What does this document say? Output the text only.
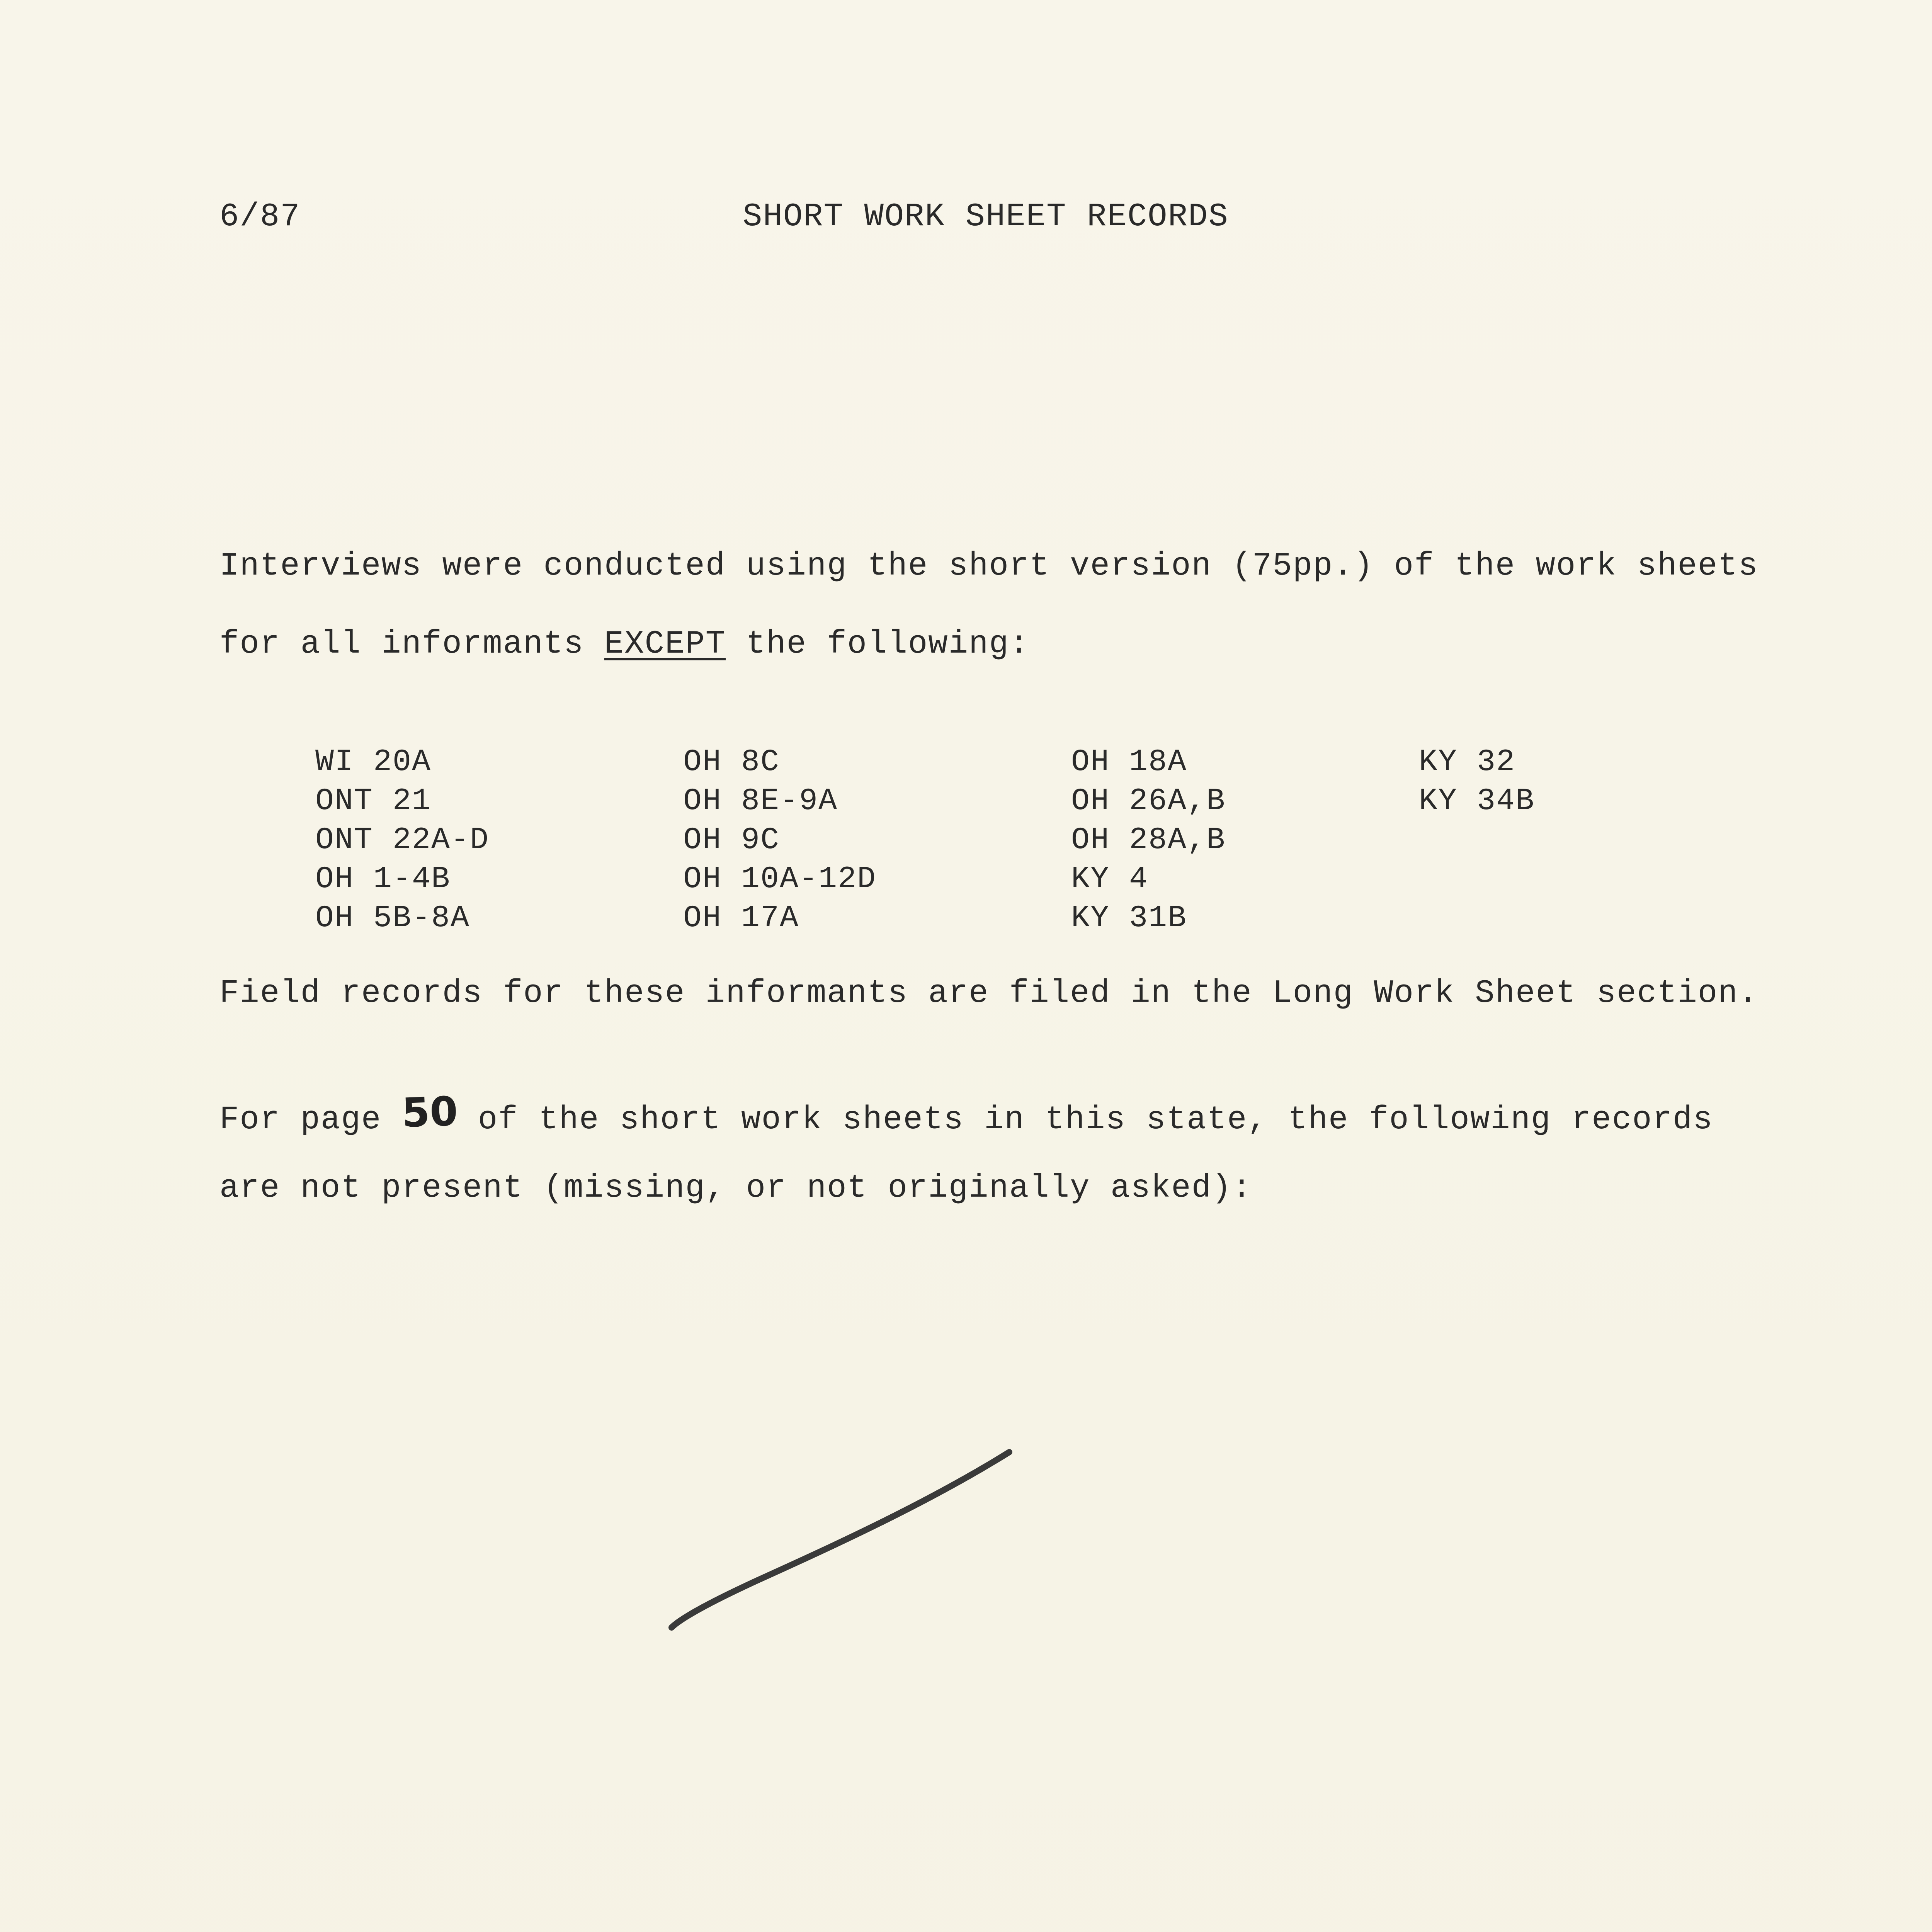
6/87	SHORT WORK SHEET RECORDS
Interviews were conducted using the short version (75pp.) of the work sheets
for all informants EXCEPT the following:
WI 20A
ONT 21
ONT 22A-D
OH 1-4B
OH 5B-8A
OH 8C
OH 8E-9A
OH 9C
OH 10A-12D
OH 17A
OH 18A
OH 26A,B
OH 28A,B
KY 4
KY 31B
KY 32
KY 34B
Field records for these informants are filed in the Long Work Sheet section.
For page 50 of the short work sheets in this state, the following records
are not present (missing, or not originally asked):
